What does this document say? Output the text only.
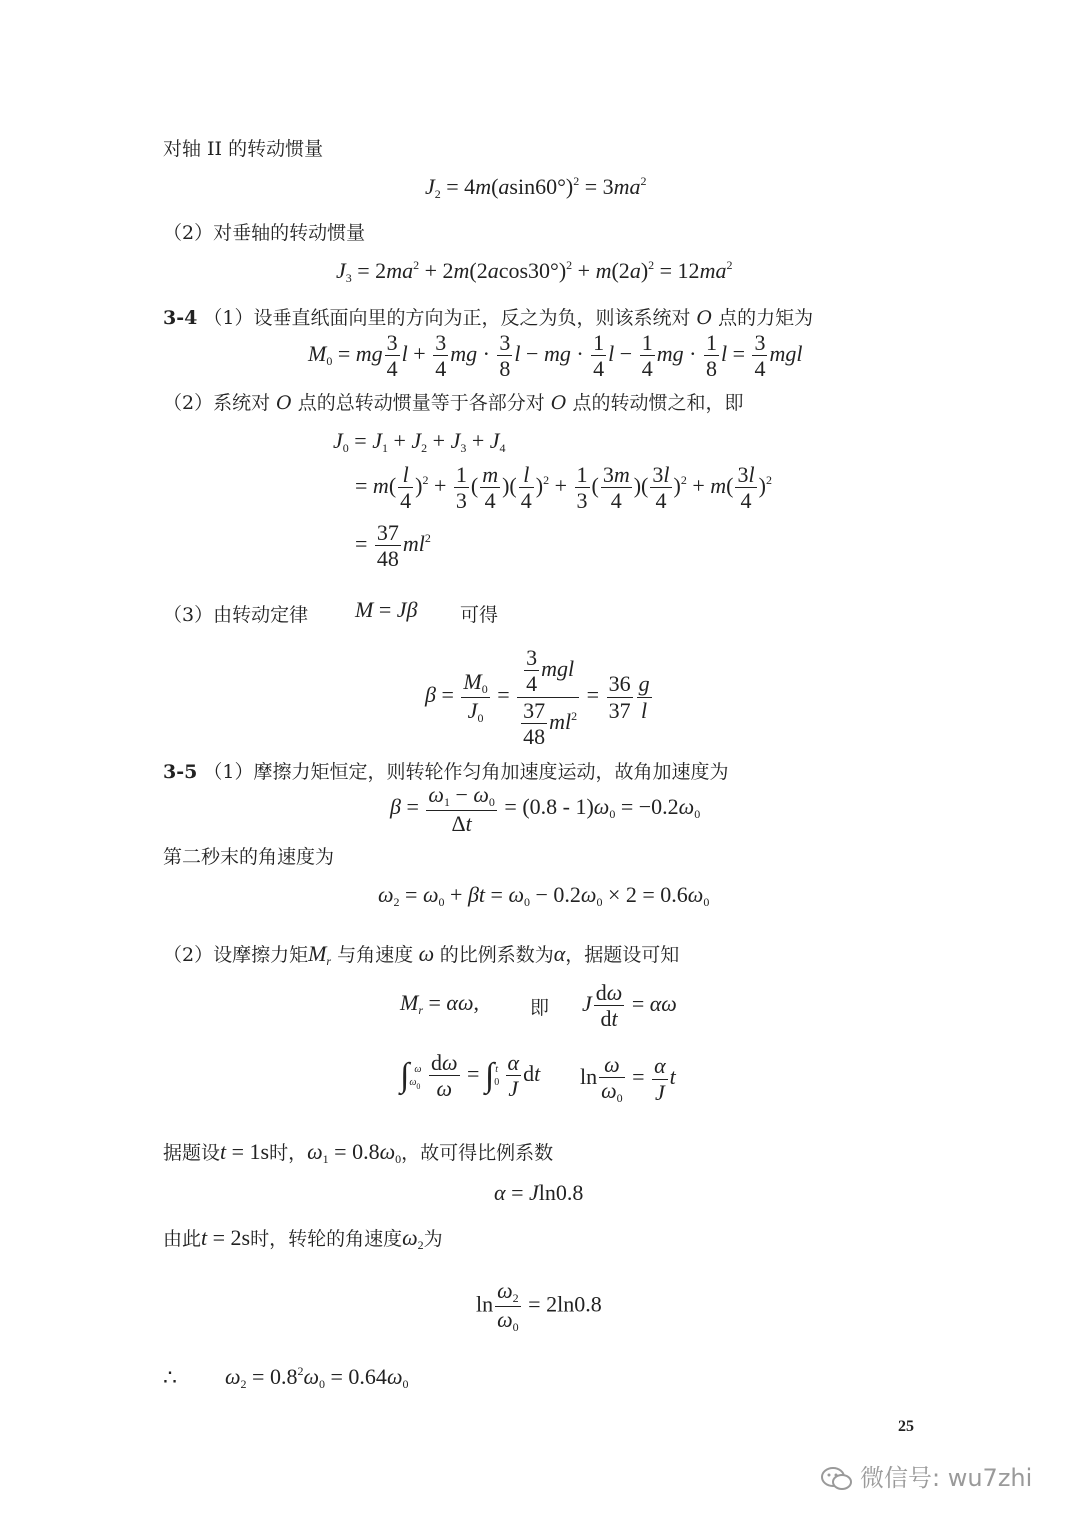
对轴 II 的转动惯量
$J_2 = 4m(asin60^\circ)^2 = 3ma^2$
（2）对垂轴的转动惯量
$J_3 = 2ma^2 + 2m(2acos30^\circ)^2 + m(2a)^2 = 12ma^2$
3-4 （1）设垂直纸面向里的方向为正，反之为负，则该系统对 O 点的力矩为
$M_0$ = mg $\frac{3}{4}$ $l + \frac{3}{4}$ mg · $\frac{3}{8}$ l − mg · $\frac{1}{4}$ $l - \frac{1}{4}$ mg · $\frac{1}{8}$ $l = \frac{3}{4}$ mgl
（2）系统对 O 点的总转动惯量等于各部分对 O 点的转动惯之和，即
$J_0 = J_1 + J_2 + J_3 + J_4$
= $m( \frac{l}{4} )^2 + \frac{1}{3}$ ( $\frac{m}{4}$ )( $\frac{l}{4} )^2 + \frac{1}{3}$ ( $\frac{3m}{4}$ )( $\frac{3l}{4} )^2 + m( \frac{3l}{4} )^2$
= $\frac{37}{48} ml^2$
（3）由转动定律 M = Jβ 可得
$\beta = \frac{M_0}{J_0} = \frac{3}{4}$ mgl
$\frac{37}{48} ml^2$
= $\frac{36}{37} \frac{g}{l}$
3-5 （1）摩擦力矩恒定，则转轮作匀角加速度运动，故角加速度为
$\beta = \frac{\omega_1 - \omega_0}{\Delta t} = (0.8 - 1)\omega_0 = -0.2\omega_0$
第二秒末的角速度为
$\omega_2 = \omega_0 + \beta t = \omega_0 - 0.2\omega_0 \times 2 = 0.6\omega_0$
（2）设摩擦力矩$M_r$ 与角速度 ω 的比例系数为α，据题设可知
$M_r = \alpha\omega$,	即 J $\frac{d\omega}{dt} = \alpha\omega$
$\int_{\omega_0}^\omega \frac{d\omega}{\omega} = \int_0^t \frac{\alpha}{J}$ dt $\ln \frac{\omega}{\omega_0} = \frac{\alpha}{J}$ t
据题设t = 1s时，$\omega_1 = 0.8\omega_0$，故可得比例系数
α = Jln0.8
由此t = 2s时，转轮的角速度$\omega_2$为
$\ln \frac{\omega_2}{\omega_0} = 2\ln 0.8$
∴ $\omega_2 = 0.8^2\omega_0 = 0.64\omega_0$
25
微信号: wu7zhi
